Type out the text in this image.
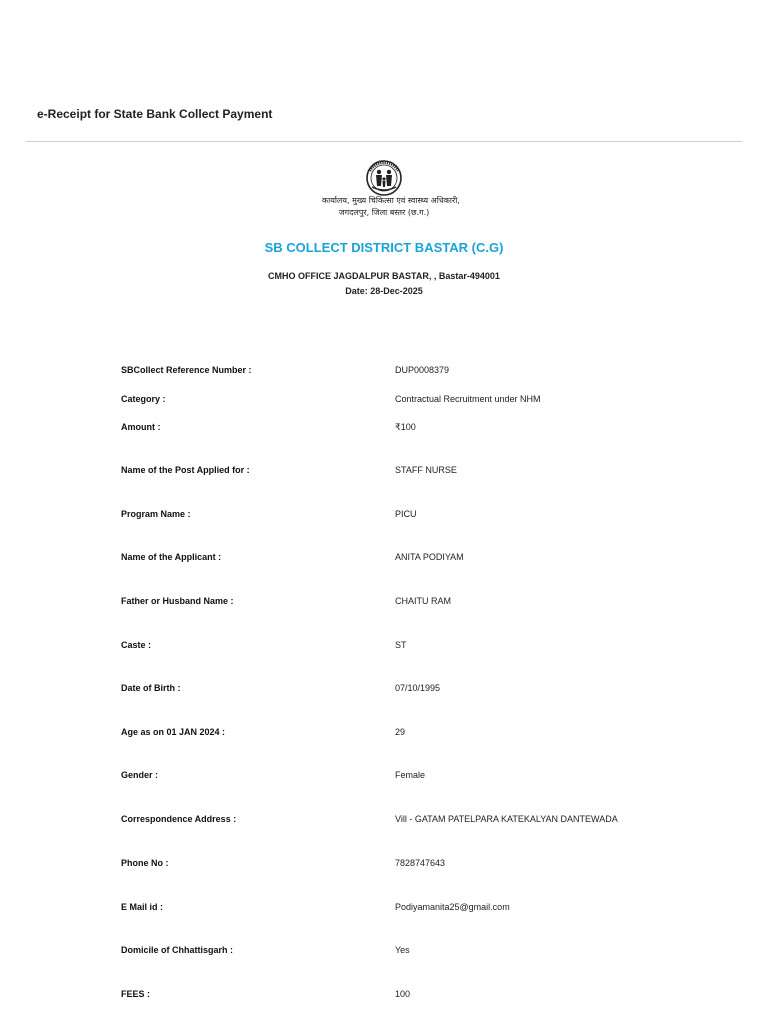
e-Receipt for State Bank Collect Payment
कार्यालय, मुख्य चिकित्सा एवं स्वास्थ्य अधिकारी,
जगदलपुर, जिला बस्तर (छ.ग.)
SB COLLECT DISTRICT BASTAR (C.G)
CMHO OFFICE JAGDALPUR BASTAR, , Bastar-494001
Date: 28-Dec-2025
SBCollect Reference Number :	DUP0008379
Category :	Contractual Recruitment under NHM
Amount :	₹100
Name of the Post Applied for :	STAFF NURSE
Program Name :	PICU
Name of the Applicant :	ANITA PODIYAM
Father or Husband Name :	CHAITU RAM
Caste :	ST
Date of Birth :	07/10/1995
Age as on 01 JAN 2024 :	29
Gender :	Female
Correspondence Address :	Vill - GATAM PATELPARA KATEKALYAN DANTEWADA
Phone No :	7828747643
E Mail id :	Podiyamanita25@gmail.com
Domicile of Chhattisgarh :	Yes
FEES :	100
